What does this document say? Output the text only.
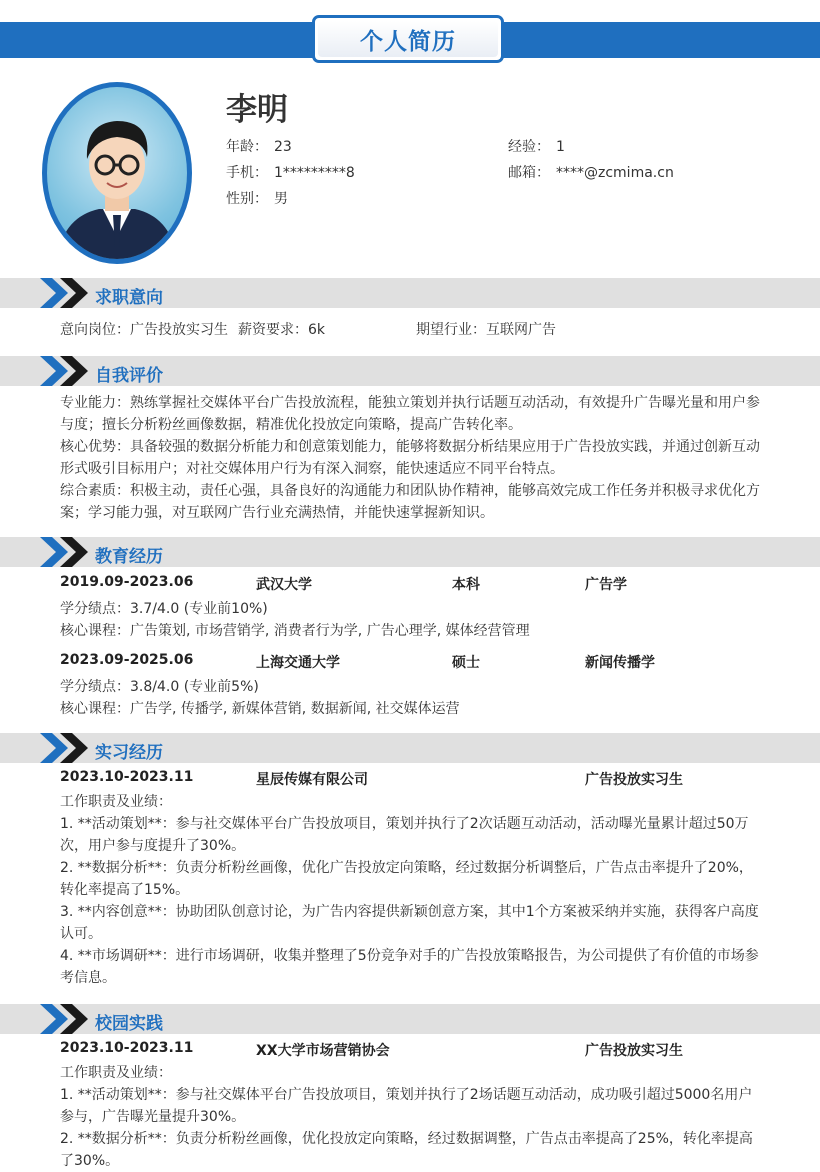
个人简历
李明
年龄： 23	经验： 1
手机： 1*********8	邮箱： ****@zcmima.cn
性别： 男
求职意向
意向岗位：广告投放实习生 薪资要求：6k	期望行业：互联网广告
自我评价
专业能力：熟练掌握社交媒体平台广告投放流程，能独立策划并执行话题互动活动，有效提升广告曝光量和用户参与度；擅长分析粉丝画像数据，精准优化投放定向策略，提高广告转化率。
核心优势：具备较强的数据分析能力和创意策划能力，能够将数据分析结果应用于广告投放实践，并通过创新互动形式吸引目标用户；对社交媒体用户行为有深入洞察，能快速适应不同平台特点。
综合素质：积极主动，责任心强，具备良好的沟通能力和团队协作精神，能够高效完成工作任务并积极寻求优化方案；学习能力强，对互联网广告行业充满热情，并能快速掌握新知识。
教育经历
2019.09-2023.06	武汉大学	本科	广告学
学分绩点：3.7/4.0 (专业前10%)
核心课程：广告策划, 市场营销学, 消费者行为学, 广告心理学, 媒体经营管理
2023.09-2025.06	上海交通大学	硕士	新闻传播学
学分绩点：3.8/4.0 (专业前5%)
核心课程：广告学, 传播学, 新媒体营销, 数据新闻, 社交媒体运营
实习经历
2023.10-2023.11	星辰传媒有限公司	广告投放实习生
工作职责及业绩：
1. **活动策划**：参与社交媒体平台广告投放项目，策划并执行了2次话题互动活动，活动曝光量累计超过50万次，用户参与度提升了30%。
2. **数据分析**：负责分析粉丝画像，优化广告投放定向策略，经过数据分析调整后，广告点击率提升了20%，转化率提高了15%。
3. **内容创意**：协助团队创意讨论，为广告内容提供新颖创意方案，其中1个方案被采纳并实施，获得客户高度认可。
4. **市场调研**：进行市场调研，收集并整理了5份竞争对手的广告投放策略报告，为公司提供了有价值的市场参考信息。
校园实践
2023.10-2023.11	XX大学市场营销协会	广告投放实习生
工作职责及业绩：
1. **活动策划**：参与社交媒体平台广告投放项目，策划并执行了2场话题互动活动，成功吸引超过5000名用户参与，广告曝光量提升30%。
2. **数据分析**：负责分析粉丝画像，优化投放定向策略，经过数据调整，广告点击率提高了25%，转化率提高了30%。
